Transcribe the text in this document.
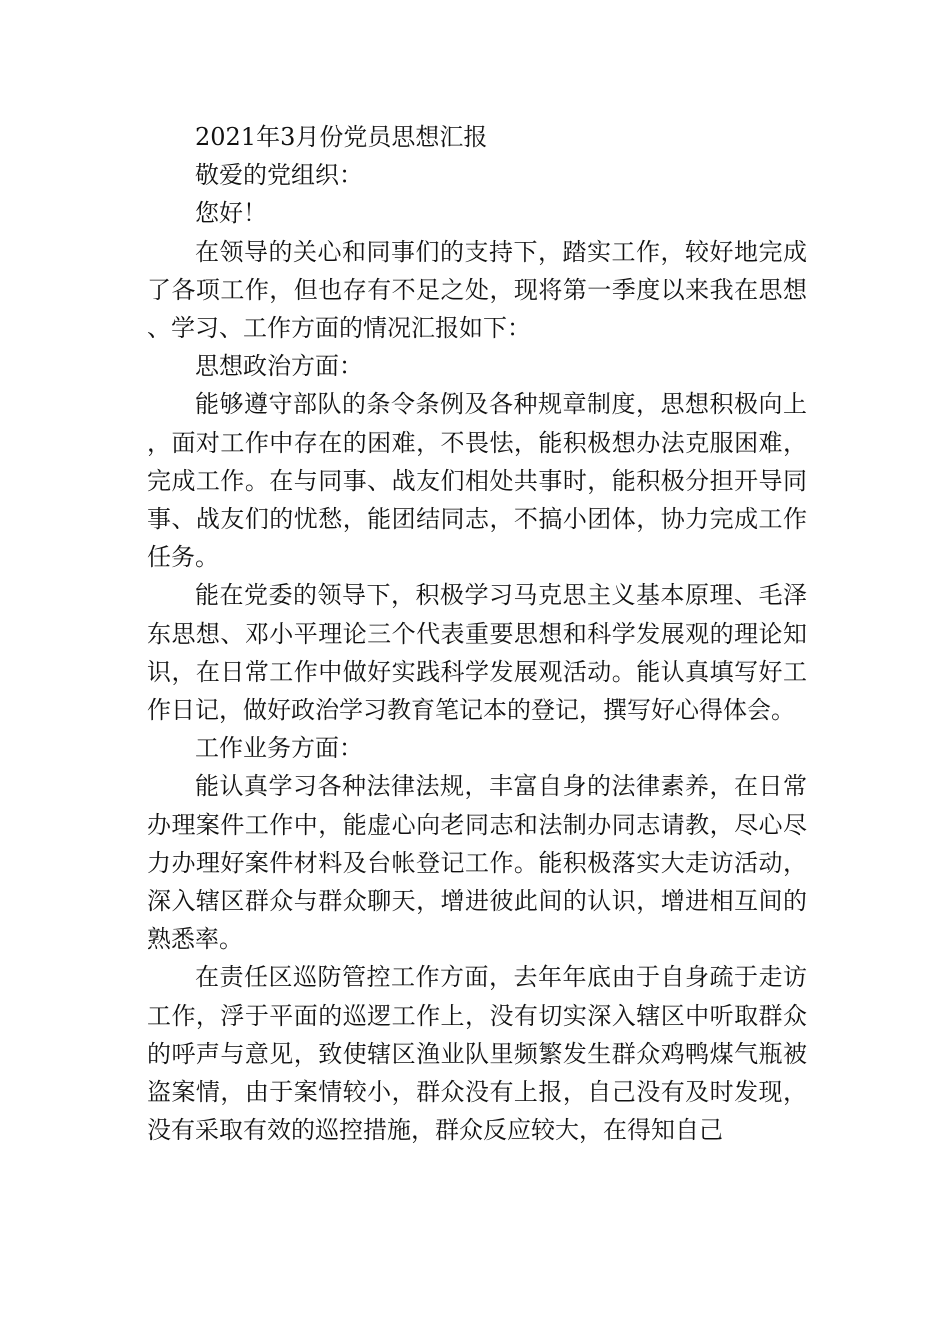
2021年3月份党员思想汇报

敬爱的党组织：

您好！

在领导的关心和同事们的支持下，踏实工作，较好地完成了各项工作，但也存有不足之处，现将第一季度以来我在思想、学习、工作方面的情况汇报如下：

思想政治方面：

能够遵守部队的条令条例及各种规章制度，思想积极向上，面对工作中存在的困难，不畏怯，能积极想办法克服困难，完成工作。在与同事、战友们相处共事时，能积极分担开导同事、战友们的忧愁，能团结同志，不搞小团体，协力完成工作任务。

能在党委的领导下，积极学习马克思主义基本原理、毛泽东思想、邓小平理论三个代表重要思想和科学发展观的理论知识，在日常工作中做好实践科学发展观活动。能认真填写好工作日记，做好政治学习教育笔记本的登记，撰写好心得体会。

工作业务方面：

能认真学习各种法律法规，丰富自身的法律素养，在日常办理案件工作中，能虚心向老同志和法制办同志请教，尽心尽力办理好案件材料及台帐登记工作。能积极落实大走访活动，深入辖区群众与群众聊天，增进彼此间的认识，增进相互间的熟悉率。

在责任区巡防管控工作方面，去年年底由于自身疏于走访工作，浮于平面的巡逻工作上，没有切实深入辖区中听取群众的呼声与意见，致使辖区渔业队里频繁发生群众鸡鸭煤气瓶被盗案情，由于案情较小，群众没有上报，自己没有及时发现，没有采取有效的巡控措施，群众反应较大，在得知自己
